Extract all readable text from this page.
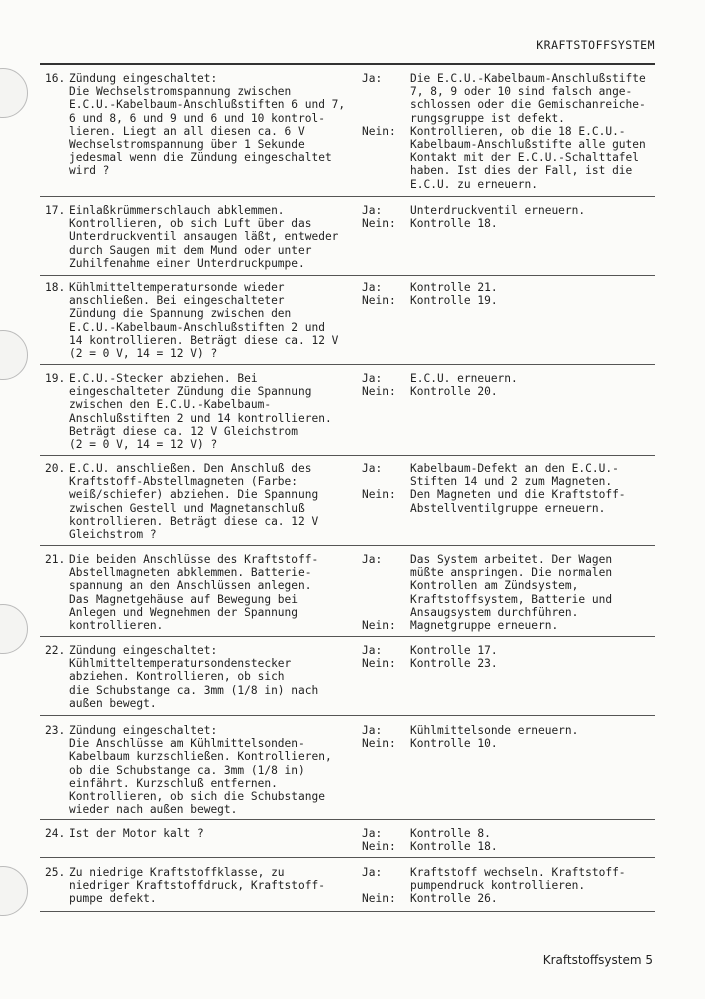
KRAFTSTOFFSYSTEM
16. Zündung eingeschaltet:
Die Wechselstromspannung zwischen
E.C.U.-Kabelbaum-Anschlußstiften 6 und 7,
6 und 8, 6 und 9 und 6 und 10 kontrol-
lieren. Liegt an all diesen ca. 6 V
Wechselstromspannung über 1 Sekunde
jedesmal wenn die Zündung eingeschaltet
wird ?
Ja:

Nein:
Die E.C.U.-Kabelbaum-Anschlußstifte
7, 8, 9 oder 10 sind falsch ange-
schlossen oder die Gemischanreiche-
rungsgruppe ist defekt.
Kontrollieren, ob die 18 E.C.U.-
Kabelbaum-Anschlußstifte alle guten
Kontakt mit der E.C.U.-Schalttafel
haben. Ist dies der Fall, ist die
E.C.U. zu erneuern.
17. Einlaßkrümmerschlauch abklemmen.
Kontrollieren, ob sich Luft über das
Unterdruckventil ansaugen läßt, entweder
durch Saugen mit dem Mund oder unter
Zuhilfenahme einer Unterdruckpumpe.
Ja:
Nein:
Unterdruckventil erneuern.
Kontrolle 18.
18. Kühlmitteltemperatursonde wieder
anschließen. Bei eingeschalteter
Zündung die Spannung zwischen den
E.C.U.-Kabelbaum-Anschlußstiften 2 und
14 kontrollieren. Beträgt diese ca. 12 V
(2 = 0 V, 14 = 12 V) ?
Ja:
Nein:
Kontrolle 21.
Kontrolle 19.
19. E.C.U.-Stecker abziehen. Bei
eingeschalteter Zündung die Spannung
zwischen den E.C.U.-Kabelbaum-
Anschlußstiften 2 und 14 kontrollieren.
Beträgt diese ca. 12 V Gleichstrom
(2 = 0 V, 14 = 12 V) ?
Ja:
Nein:
E.C.U. erneuern.
Kontrolle 20.
20. E.C.U. anschließen. Den Anschluß des
Kraftstoff-Abstellmagneten (Farbe:
weiß/schiefer) abziehen. Die Spannung
zwischen Gestell und Magnetanschluß
kontrollieren. Beträgt diese ca. 12 V
Gleichstrom ?
Ja:

Nein:
Kabelbaum-Defekt an den E.C.U.-
Stiften 14 und 2 zum Magneten.
Den Magneten und die Kraftstoff-
Abstellventilgruppe erneuern.
21. Die beiden Anschlüsse des Kraftstoff-
Abstellmagneten abklemmen. Batterie-
spannung an den Anschlüssen anlegen.
Das Magnetgehäuse auf Bewegung bei
Anlegen und Wegnehmen der Spannung
kontrollieren.
Ja:

Nein:
Das System arbeitet. Der Wagen
müßte anspringen. Die normalen
Kontrollen am Zündsystem,
Kraftstoffsystem, Batterie und
Ansaugsystem durchführen.
Magnetgruppe erneuern.
22. Zündung eingeschaltet:
Kühlmitteltemperatursondenstecker
abziehen. Kontrollieren, ob sich
die Schubstange ca. 3mm (1/8 in) nach
außen bewegt.
Ja:
Nein:
Kontrolle 17.
Kontrolle 23.
23. Zündung eingeschaltet:
Die Anschlüsse am Kühlmittelsonden-
Kabelbaum kurzschließen. Kontrollieren,
ob die Schubstange ca. 3mm (1/8 in)
einfährt. Kurzschluß entfernen.
Kontrollieren, ob sich die Schubstange
wieder nach außen bewegt.
Ja:
Nein:
Kühlmittelsonde erneuern.
Kontrolle 10.
24. Ist der Motor kalt ?	Ja:
Nein:
Kontrolle 8.
Kontrolle 18.
25. Zu niedrige Kraftstoffklasse, zu
niedriger Kraftstoffdruck, Kraftstoff-
pumpe defekt.
Ja:

Nein:
Kraftstoff wechseln. Kraftstoff-
pumpendruck kontrollieren.
Kontrolle 26.
Kraftstoffsystem 5
